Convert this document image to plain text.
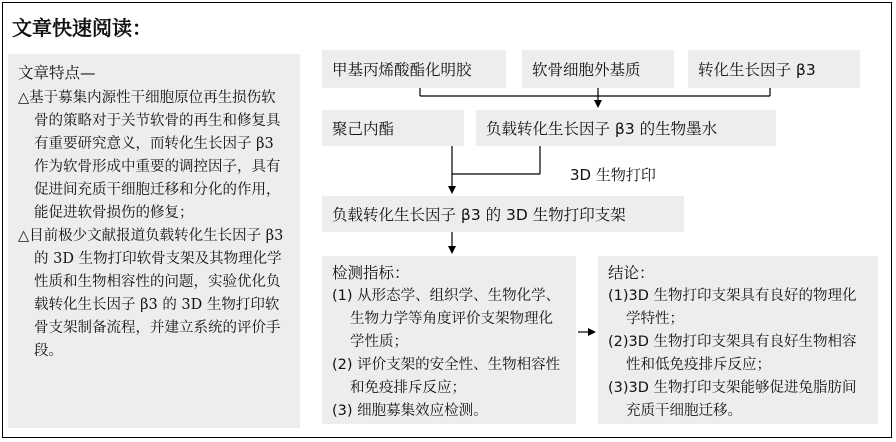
文章快速阅读：
文章特点—
△基于募集内源性干细胞原位再生损伤软骨的策略对于关节软骨的再生和修复具有重要研究意义，而转化生长因子 β3 作为软骨形成中重要的调控因子，具有促进间充质干细胞迁移和分化的作用，能促进软骨损伤的修复；
△目前极少文献报道负载转化生长因子 β3 的 3D 生物打印软骨支架及其物理化学性质和生物相容性的问题，实验优化负载转化生长因子 β3 的 3D 生物打印软骨支架制备流程，并建立系统的评价手段。
甲基丙烯酸酯化明胶	软骨细胞外基质	转化生长因子 β3
聚己内酯	负载转化生长因子 β3 的生物墨水
3D 生物打印
负载转化生长因子 β3 的 3D 生物打印支架
检测指标：
(1) 从形态学、组织学、生物化学、生物力学等角度评价支架物理化学性质；
(2) 评价支架的安全性、生物相容性和免疫排斥反应；
(3) 细胞募集效应检测。
结论：
(1)3D 生物打印支架具有良好的物理化学特性；
(2)3D 生物打印支架具有良好生物相容性和低免疫排斥反应；
(3)3D 生物打印支架能够促进兔脂肪间充质干细胞迁移。
